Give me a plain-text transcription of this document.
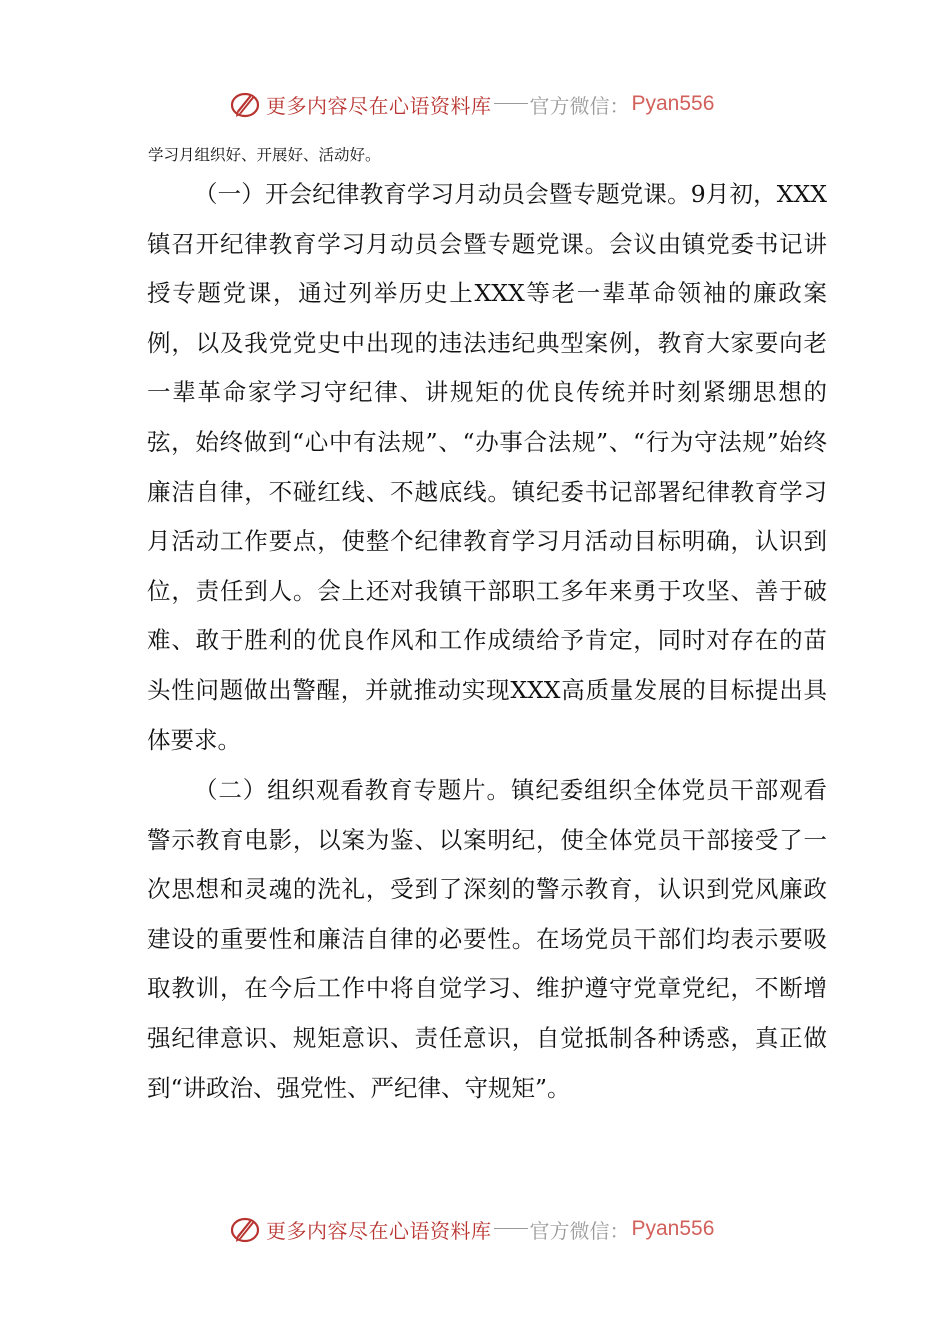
更多内容尽在心语资料库 官方微信： Pyan556
学习月组织好、开展好、活动好。

（一）开会纪律教育学习月动员会暨专题党课。9月初，XXX镇召开纪律教育学习月动员会暨专题党课。会议由镇党委书记讲授专题党课，通过列举历史上XXX等老一辈革命领袖的廉政案例，以及我党党史中出现的违法违纪典型案例，教育大家要向老一辈革命家学习守纪律、讲规矩的优良传统并时刻紧绷思想的弦，始终做到“心中有法规”、“办事合法规”、“行为守法规”始终廉洁自律，不碰红线、不越底线。镇纪委书记部署纪律教育学习月活动工作要点，使整个纪律教育学习月活动目标明确，认识到位，责任到人。会上还对我镇干部职工多年来勇于攻坚、善于破难、敢于胜利的优良作风和工作成绩给予肯定，同时对存在的苗头性问题做出警醒，并就推动实现XXX高质量发展的目标提出具体要求。

（二）组织观看教育专题片。镇纪委组织全体党员干部观看警示教育电影，以案为鉴、以案明纪，使全体党员干部接受了一次思想和灵魂的洗礼，受到了深刻的警示教育，认识到党风廉政建设的重要性和廉洁自律的必要性。在场党员干部们均表示要吸取教训，在今后工作中将自觉学习、维护遵守党章党纪，不断增强纪律意识、规矩意识、责任意识，自觉抵制各种诱惑，真正做到“讲政治、强党性、严纪律、守规矩”。

更多内容尽在心语资料库 官方微信： Pyan556
